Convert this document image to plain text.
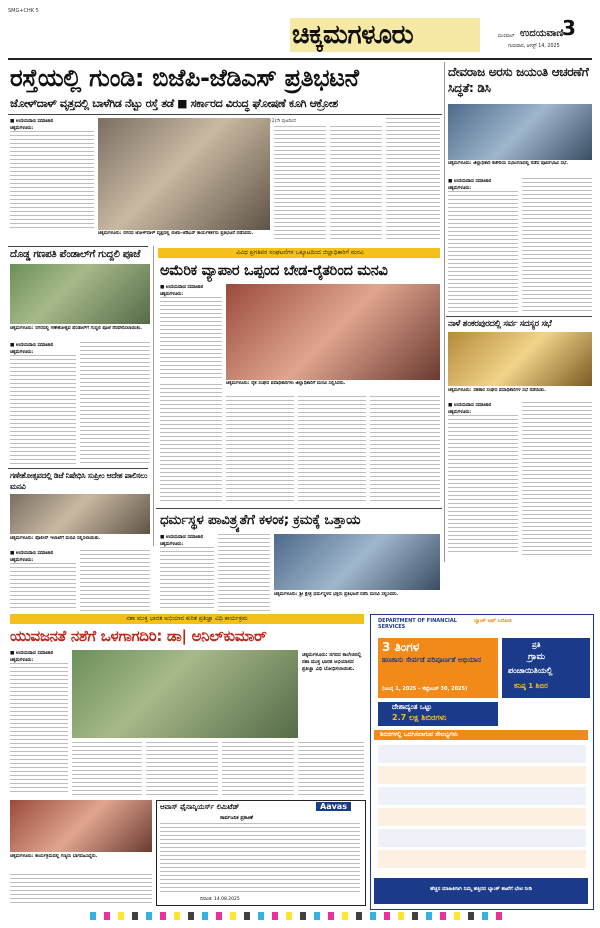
SMG+CHK 5
ಚಿಕ್ಕಮಗಳೂರು	3
ಮಣಿಪಾಲ್ ಉದಯವಾಣಿ
ಗುರುವಾರ, ಆಗಸ್ಟ್ 14, 2025
ರಸ್ತೆಯಲ್ಲಿ ಗುಂಡಿ: ಬಿಜೆಪಿ-ಜೆಡಿಎಸ್ ಪ್ರತಿಭಟನೆ
ಜೋಳ್‌ದಾಳ್ ವೃತ್ತದಲ್ಲಿ ಬಾಳೆಗಿಡ ನೆಟ್ಟು ರಸ್ತೆ ತಡೆ ■ ಸರ್ಕಾರದ ವಿರುದ್ಧ ಘೋಷಣೆ ಕೂಗಿ ಆಕ್ರೋಶ
■ ಉದಯವಾಣಿ ಸಮಾಚಾರ
ಚಿಕ್ಕಮಗಳೂರು:
ಚಿಕ್ಕಮಗಳೂರು: ನಗರದ ಜೋಳ್‌ದಾಳ್ ವೃತ್ತದಲ್ಲಿ ಬಿಜೆಪಿ-ಜೆಡಿಎಸ್ ಕಾರ್ಯಕರ್ತರು ಪ್ರತಿಭಟನೆ ನಡೆಸಿದರು.
(2)ನೇ ಪುಟದಿಂದ
ದೇವರಾಜ ಅರಸು ಜಯಂತಿ ಆಚರಣೆಗೆ ಸಿದ್ಧತೆ: ಡಿಸಿ
ಚಿಕ್ಕಮಗಳೂರು: ಜಿಲ್ಲಾಧಿಕಾರಿ ಕಚೇರಿಯ ಸಭಾಂಗಣದಲ್ಲಿ ನಡೆದ ಪೂರ್ವಭಾವಿ ಸಭೆ.
■ ಉದಯವಾಣಿ ಸಮಾಚಾರ
ಚಿಕ್ಕಮಗಳೂರು:
ದೊಡ್ಡ ಗಣಪತಿ ಪೆಂಡಾಲ್‌ಗೆ ಗುದ್ದಲಿ ಪೂಜೆ
ಚಿಕ್ಕಮಗಳೂರು: ನಗರದಲ್ಲಿ ಗಣೇಶೋತ್ಸವ ಪೆಂಡಾಲ್‌ಗೆ ಗುದ್ದಲಿ ಪೂಜೆ ನೆರವೇರಿಸಲಾಯಿತು.
■ ಉದಯವಾಣಿ ಸಮಾಚಾರ
ಚಿಕ್ಕಮಗಳೂರು:
ವಿವಿಧ ಪ್ರಗತಿಪರ ಸಂಘಟನೆಗಳ ಒಕ್ಕೂಟದಿಂದ ಜಿಲ್ಲಾಧಿಕಾರಿಗೆ ಮನವಿ
ಅಮೆರಿಕ ವ್ಯಾಪಾರ ಒಪ್ಪಂದ ಬೇಡ-ರೈತರಿಂದ ಮನವಿ
■ ಉದಯವಾಣಿ ಸಮಾಚಾರ
ಚಿಕ್ಕಮಗಳೂರು:
ಚಿಕ್ಕಮಗಳೂರು: ರೈತ ಸಂಘದ ಪದಾಧಿಕಾರಿಗಳು ಜಿಲ್ಲಾಧಿಕಾರಿಗೆ ಮನವಿ ಸಲ್ಲಿಸಿದರು.
ನಾಳೆ ಶಂಕರಪುರದಲ್ಲಿ ಸರ್ವ ಸದಸ್ಯರ ಸಭೆ
ಚಿಕ್ಕಮಗಳೂರು: ಸಹಕಾರ ಸಂಘದ ಪದಾಧಿಕಾರಿಗಳ ಸಭೆ ನಡೆಯಿತು.
■ ಉದಯವಾಣಿ ಸಮಾಚಾರ
ಚಿಕ್ಕಮಗಳೂರು:
ಗಣೇಶೋತ್ಸವದಲ್ಲಿ ಡಿಜೆ ನಿಷೇಧಿಸಿ ಸುಪ್ರೀಂ ಆದೇಶ ಪಾಲಿಸಲು ಮನವಿ
ಚಿಕ್ಕಮಗಳೂರು: ಪೊಲೀಸ್ ಇಲಾಖೆಗೆ ಮನವಿ ಸಲ್ಲಿಸಲಾಯಿತು.
■ ಉದಯವಾಣಿ ಸಮಾಚಾರ
ಚಿಕ್ಕಮಗಳೂರು:
ಧರ್ಮಸ್ಥಳ ಪಾವಿತ್ರ್ಯತೆಗೆ ಕಳಂಕ; ಕ್ರಮಕ್ಕೆ ಒತ್ತಾಯ
■ ಉದಯವಾಣಿ ಸಮಾಚಾರ
ಚಿಕ್ಕಮಗಳೂರು:
ಚಿಕ್ಕಮಗಳೂರು: ಶ್ರೀ ಕ್ಷೇತ್ರ ಧರ್ಮಸ್ಥಳದ ಭಕ್ತರು ಪ್ರತಿಭಟನೆ ನಡೆಸಿ ಮನವಿ ಸಲ್ಲಿಸಿದರು.
ನಶಾ ಮುಕ್ತ ಭಾರತ ಅಭಿಯಾನ ಕುರಿತ ಪ್ರತಿಜ್ಞಾ ವಿಧಿ ಕಾರ್ಯಕ್ರಮ
ಯುವಜನತೆ ನಶೆಗೆ ಒಳಗಾಗದಿರಿ: ಡಾ| ಅನಿಲ್‌ಕುಮಾರ್
■ ಉದಯವಾಣಿ ಸಮಾಚಾರ
ಚಿಕ್ಕಮಗಳೂರು:
ಚಿಕ್ಕಮಗಳೂರು: ನಗರದ ಕಾಲೇಜಿನಲ್ಲಿ ನಶಾ ಮುಕ್ತ ಭಾರತ ಅಭಿಯಾನದ ಪ್ರತಿಜ್ಞಾ ವಿಧಿ ಬೋಧಿಸಲಾಯಿತು.
ಚಿಕ್ಕಮಗಳೂರು: ಕಾರ್ಯಕ್ರಮದಲ್ಲಿ ಗಣ್ಯರು ಭಾಗವಹಿಸಿದ್ದರು.
ಆವಾಸ್ ಫೈನಾನ್ಶಿಯರ್ಸ್ ಲಿಮಿಟೆಡ್	Aavas
ಸಾರ್ವಜನಿಕ ಪ್ರಕಟಣೆ
ದಿನಾಂಕ: 14.08.2025
DEPARTMENT OF FINANCIAL SERVICES
ಬ್ಯಾಂಕ್ ಆಫ್ ಬರೋಡ
3 ತಿಂಗಳ
ಹಣಕಾಸು ಸೇರ್ಪಡೆ ಪರಿಪೂರ್ಣತೆ ಅಭಿಯಾನ
(ಜುಲೈ 1, 2025 – ಸೆಪ್ಟೆಂಬರ್ 30, 2025)
ಪ್ರತಿ
ಗ್ರಾಮ
ಪಂಚಾಯಿತಿಯಲ್ಲಿ
ಕನಿಷ್ಠ 1 ಶಿಬಿರ
ದೇಶಾದ್ಯಂತ ಒಟ್ಟು
2.7 ಲಕ್ಷ ಶಿಬಿರಗಳು
ಶಿಬಿರಗಳಲ್ಲಿ ಒದಗಿಸಲಾಗುವ ಸೌಲಭ್ಯಗಳು
ಹೆಚ್ಚಿನ ಮಾಹಿತಿಗಾಗಿ ನಿಮ್ಮ ಹತ್ತಿರದ ಬ್ಯಾಂಕ್ ಶಾಖೆಗೆ ಭೇಟಿ ನೀಡಿ
